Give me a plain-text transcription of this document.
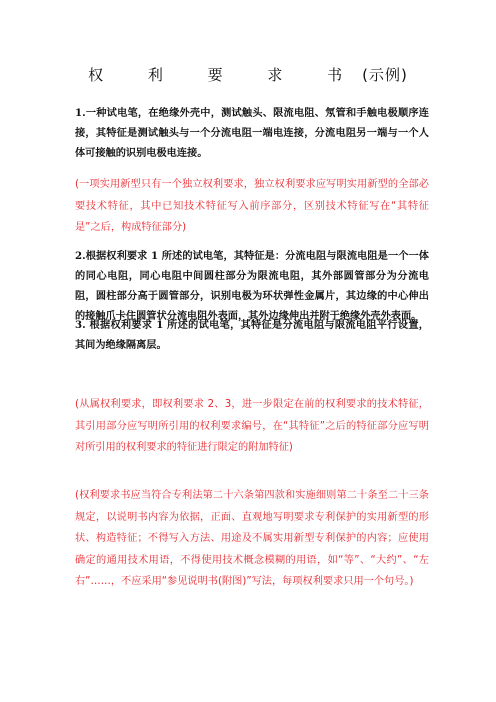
权 利 要 求 书(示例)
1.一种试电笔，在绝缘外壳中，测试触头、限流电阻、氖管和手触电极顺序连接，其特征是测试触头与一个分流电阻一端电连接，分流电阻另一端与一个人体可接触的识别电极电连接。
(一项实用新型只有一个独立权利要求，独立权利要求应写明实用新型的全部必要技术特征，其中已知技术特征写入前序部分，区别技术特征写在“其特征是”之后，构成特征部分)
2.根据权利要求 1 所述的试电笔，其特征是：分流电阻与限流电阻是一个一体的同心电阻，同心电阻中间圆柱部分为限流电阻，其外部圆管部分为分流电阻，圆柱部分高于圆管部分，识别电极为环状弹性金属片，其边缘的中心伸出的接触爪卡住圆管状分流电阻外表面，其外边缘伸出并附于绝缘外壳外表面。
3. 根据权利要求 1 所述的试电笔，其特征是分流电阻与限流电阻平行设置，其间为绝缘隔离层。
(从属权利要求，即权利要求 2、3，进一步限定在前的权利要求的技术特征，其引用部分应写明所引用的权利要求编号，在“其特征”之后的特征部分应写明对所引用的权利要求的特征进行限定的附加特征)
(权利要求书应当符合专利法第二十六条第四款和实施细则第二十条至二十三条规定，以说明书内容为依据，正面、直观地写明要求专利保护的实用新型的形状、构造特征；不得写入方法、用途及不属实用新型专利保护的内容；应使用确定的通用技术用语，不得使用技术概念模糊的用语，如“等”、“大约”、“左右”……，不应采用“参见说明书(附图)”写法，每项权利要求只用一个句号。)
